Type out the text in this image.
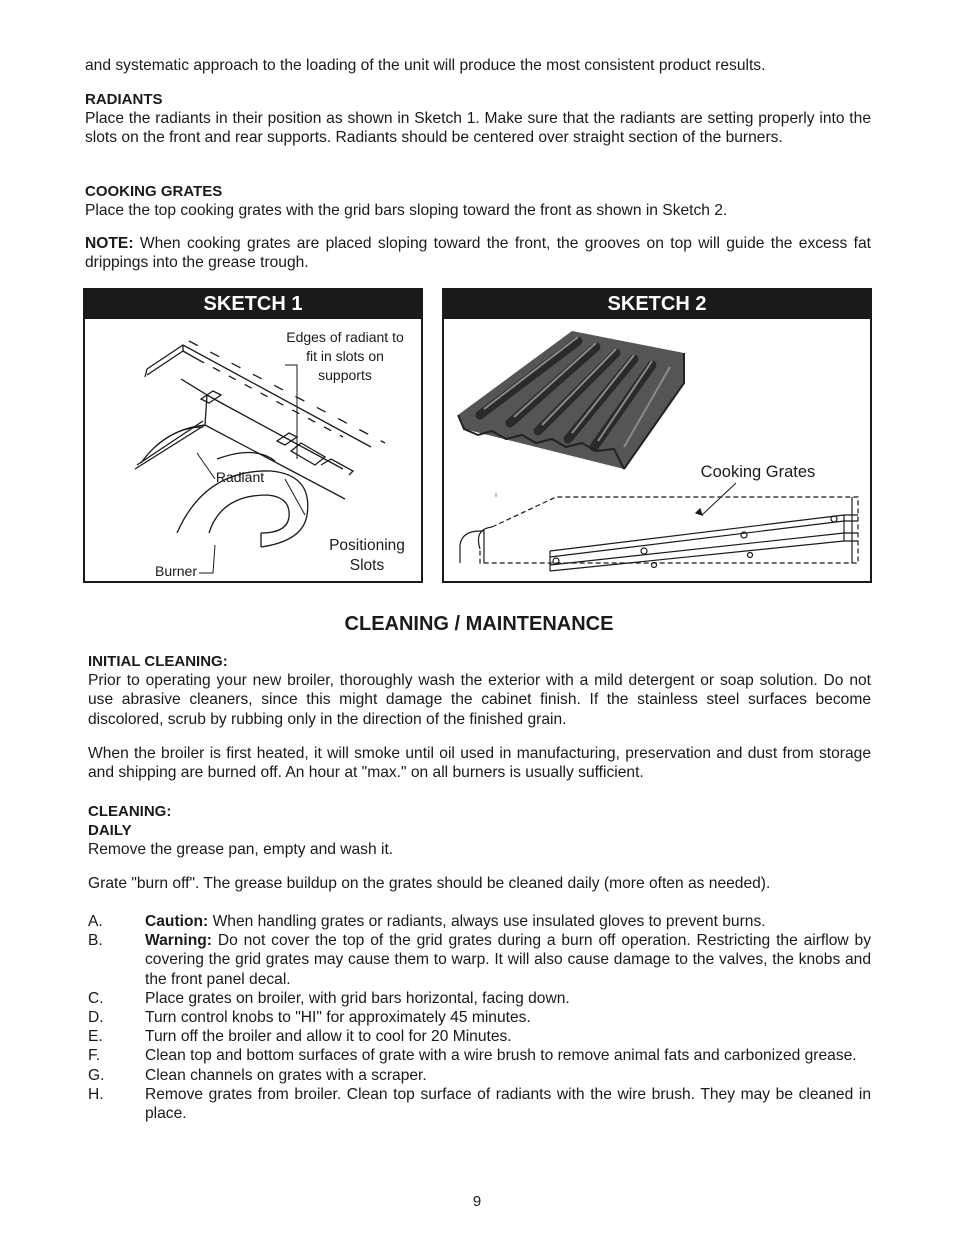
and systematic approach to the loading of the unit will produce the most consistent product results.

RADIANTS

Place the radiants in their position as shown in Sketch 1. Make sure that the radiants are setting properly into the slots on the front and rear supports. Radiants should be centered over straight section of the burners.

COOKING GRATES

Place the top cooking grates with the grid bars sloping toward the front as shown in Sketch 2.

NOTE: When cooking grates are placed sloping toward the front, the grooves on top will guide the excess fat drippings into the grease trough.

SKETCH 1
Edges of radiant to fit in slots on supports
Radiant
Positioning Slots
Burner
SKETCH 2
Cooking Grates
CLEANING / MAINTENANCE

INITIAL CLEANING:

Prior to operating your new broiler, thoroughly wash the exterior with a mild detergent or soap solution. Do not use abrasive cleaners, since this might damage the cabinet finish. If the stainless steel surfaces become discolored, scrub by rubbing only in the direction of the finished grain.

When the broiler is first heated, it will smoke until oil used in manufacturing, preservation and dust from storage and shipping are burned off. An hour at "max." on all burners is usually sufficient.

CLEANING:

DAILY

Remove the grease pan, empty and wash it.

Grate "burn off". The grease buildup on the grates should be cleaned daily (more often as needed).

A.	Caution: When handling grates or radiants, always use insulated gloves to prevent burns.
B.	Warning: Do not cover the top of the grid grates during a burn off operation. Restricting the airflow by covering the grid grates may cause them to warp. It will also cause damage to the valves, the knobs and the front panel decal.
C.	Place grates on broiler, with grid bars horizontal, facing down.
D.	Turn control knobs to "HI" for approximately 45 minutes.
E.	Turn off the broiler and allow it to cool for 20 Minutes.
F.	Clean top and bottom surfaces of grate with a wire brush to remove animal fats and carbonized grease.
G.	Clean channels on grates with a scraper.
H.	Remove grates from broiler. Clean top surface of radiants with the wire brush. They may be cleaned in place.
9
